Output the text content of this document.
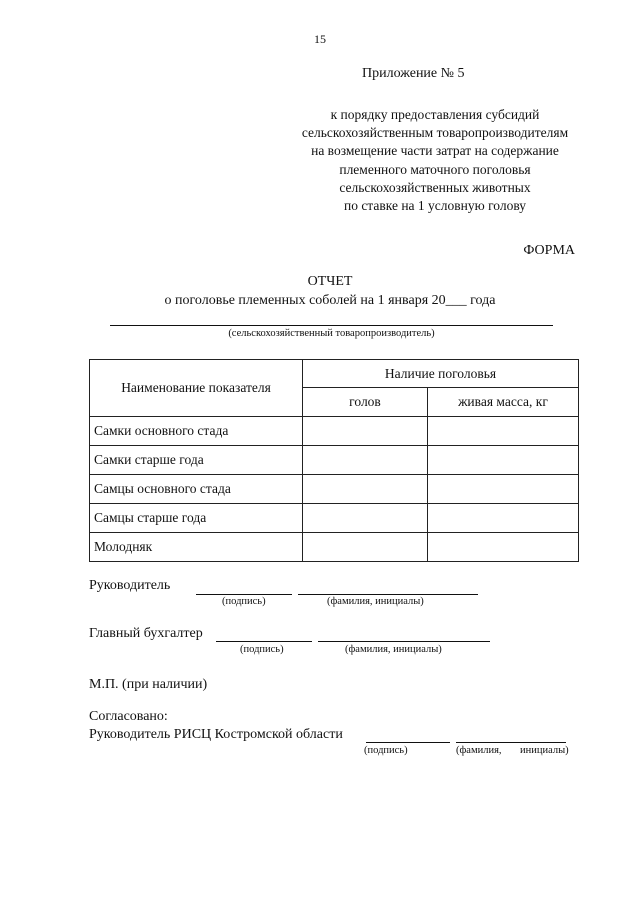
15
Приложение № 5
к порядку предоставления субсидий
сельскохозяйственным товаропроизводителям
на возмещение части затрат на содержание
племенного маточного поголовья
сельскохозяйственных животных
по ставке на 1 условную голову
ФОРМА
ОТЧЕТ
о поголовье племенных соболей на 1 января 20___ года
(сельскохозяйственный товаропроизводитель)
Наименование показателя	Наличие поголовья	
	голов	живая масса, кг
Самки основного стада		
Самки старше года		
Самцы основного стада		
Самцы старше года		
Молодняк		
Руководитель
(подпись)	(фамилия, инициалы)
Главный бухгалтер
(подпись)	(фамилия, инициалы)
М.П. (при наличии)
Согласовано:
Руководитель РИСЦ Костромской области
(подпись)	(фамилия, инициалы)
